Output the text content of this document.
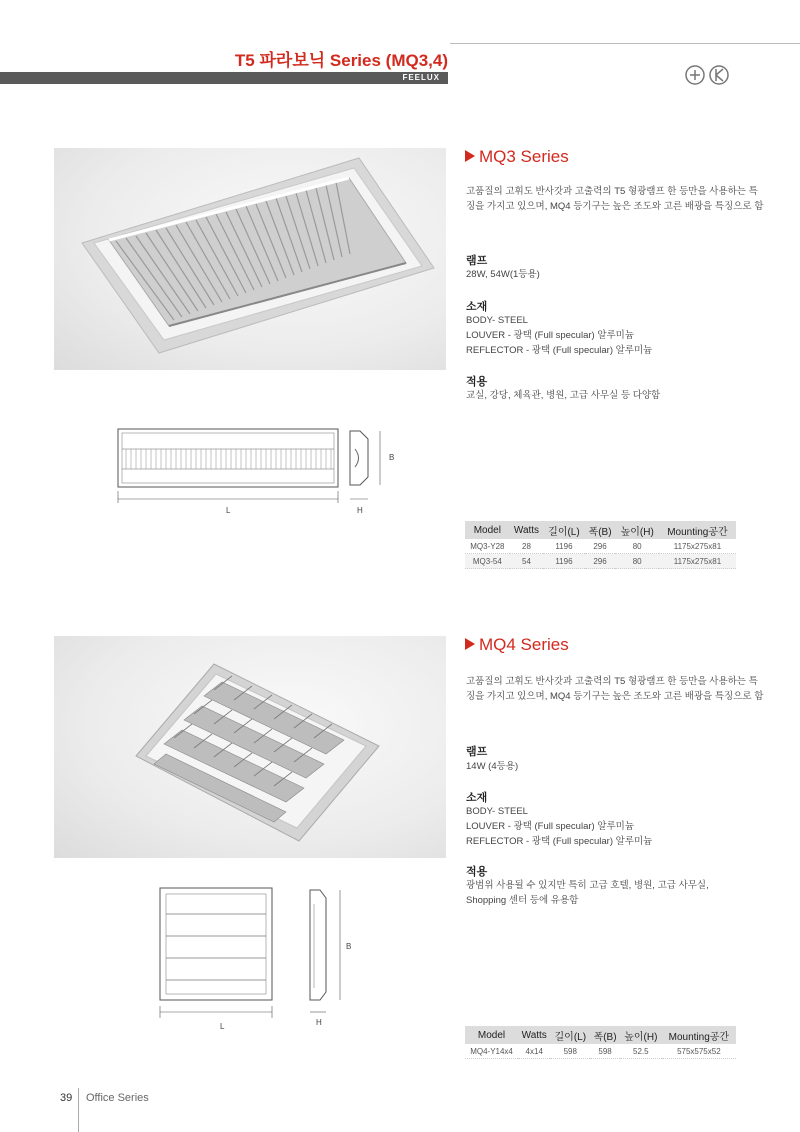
T5 파라보닉 Series (MQ3,4)
FEELUX
MQ3 Series
고품질의 고휘도 반사갓과 고출력의 T5 형광램프 한 등만을 사용하는 특징을 가지고 있으며, MQ4 등기구는 높은 조도와 고른 배광을 특징으로 함
램프
28W, 54W(1등용)
소재
BODY- STEEL
LOUVER - 광택 (Full specular) 알루미늄
REFLECTOR - 광택 (Full specular) 알루미늄
적용
교실, 강당, 체육관, 병원, 고급 사무실 등 다양함
L	H
B
Model	Watts	길이(L)	폭(B)	높이(H)	Mounting공간
MQ3-Y28	28	1196	296	80	1175x275x81
MQ3-54	54	1196	296	80	1175x275x81
MQ4 Series
고품질의 고휘도 반사갓과 고출력의 T5 형광램프 한 등만을 사용하는 특징을 가지고 있으며, MQ4 등기구는 높은 조도와 고른 배광을 특징으로 함
램프
14W (4등용)
소재
BODY- STEEL
LOUVER - 광택 (Full specular) 알루미늄
REFLECTOR - 광택 (Full specular) 알루미늄
적용
광범위 사용될 수 있지만 특히 고급 호텔, 병원, 고급 사무실,
Shopping 센터 등에 유용함
L	H
B
Model	Watts	길이(L)	폭(B)	높이(H)	Mounting공간
MQ4-Y14x4	4x14	598	598	52.5	575x575x52
39 Office Series
